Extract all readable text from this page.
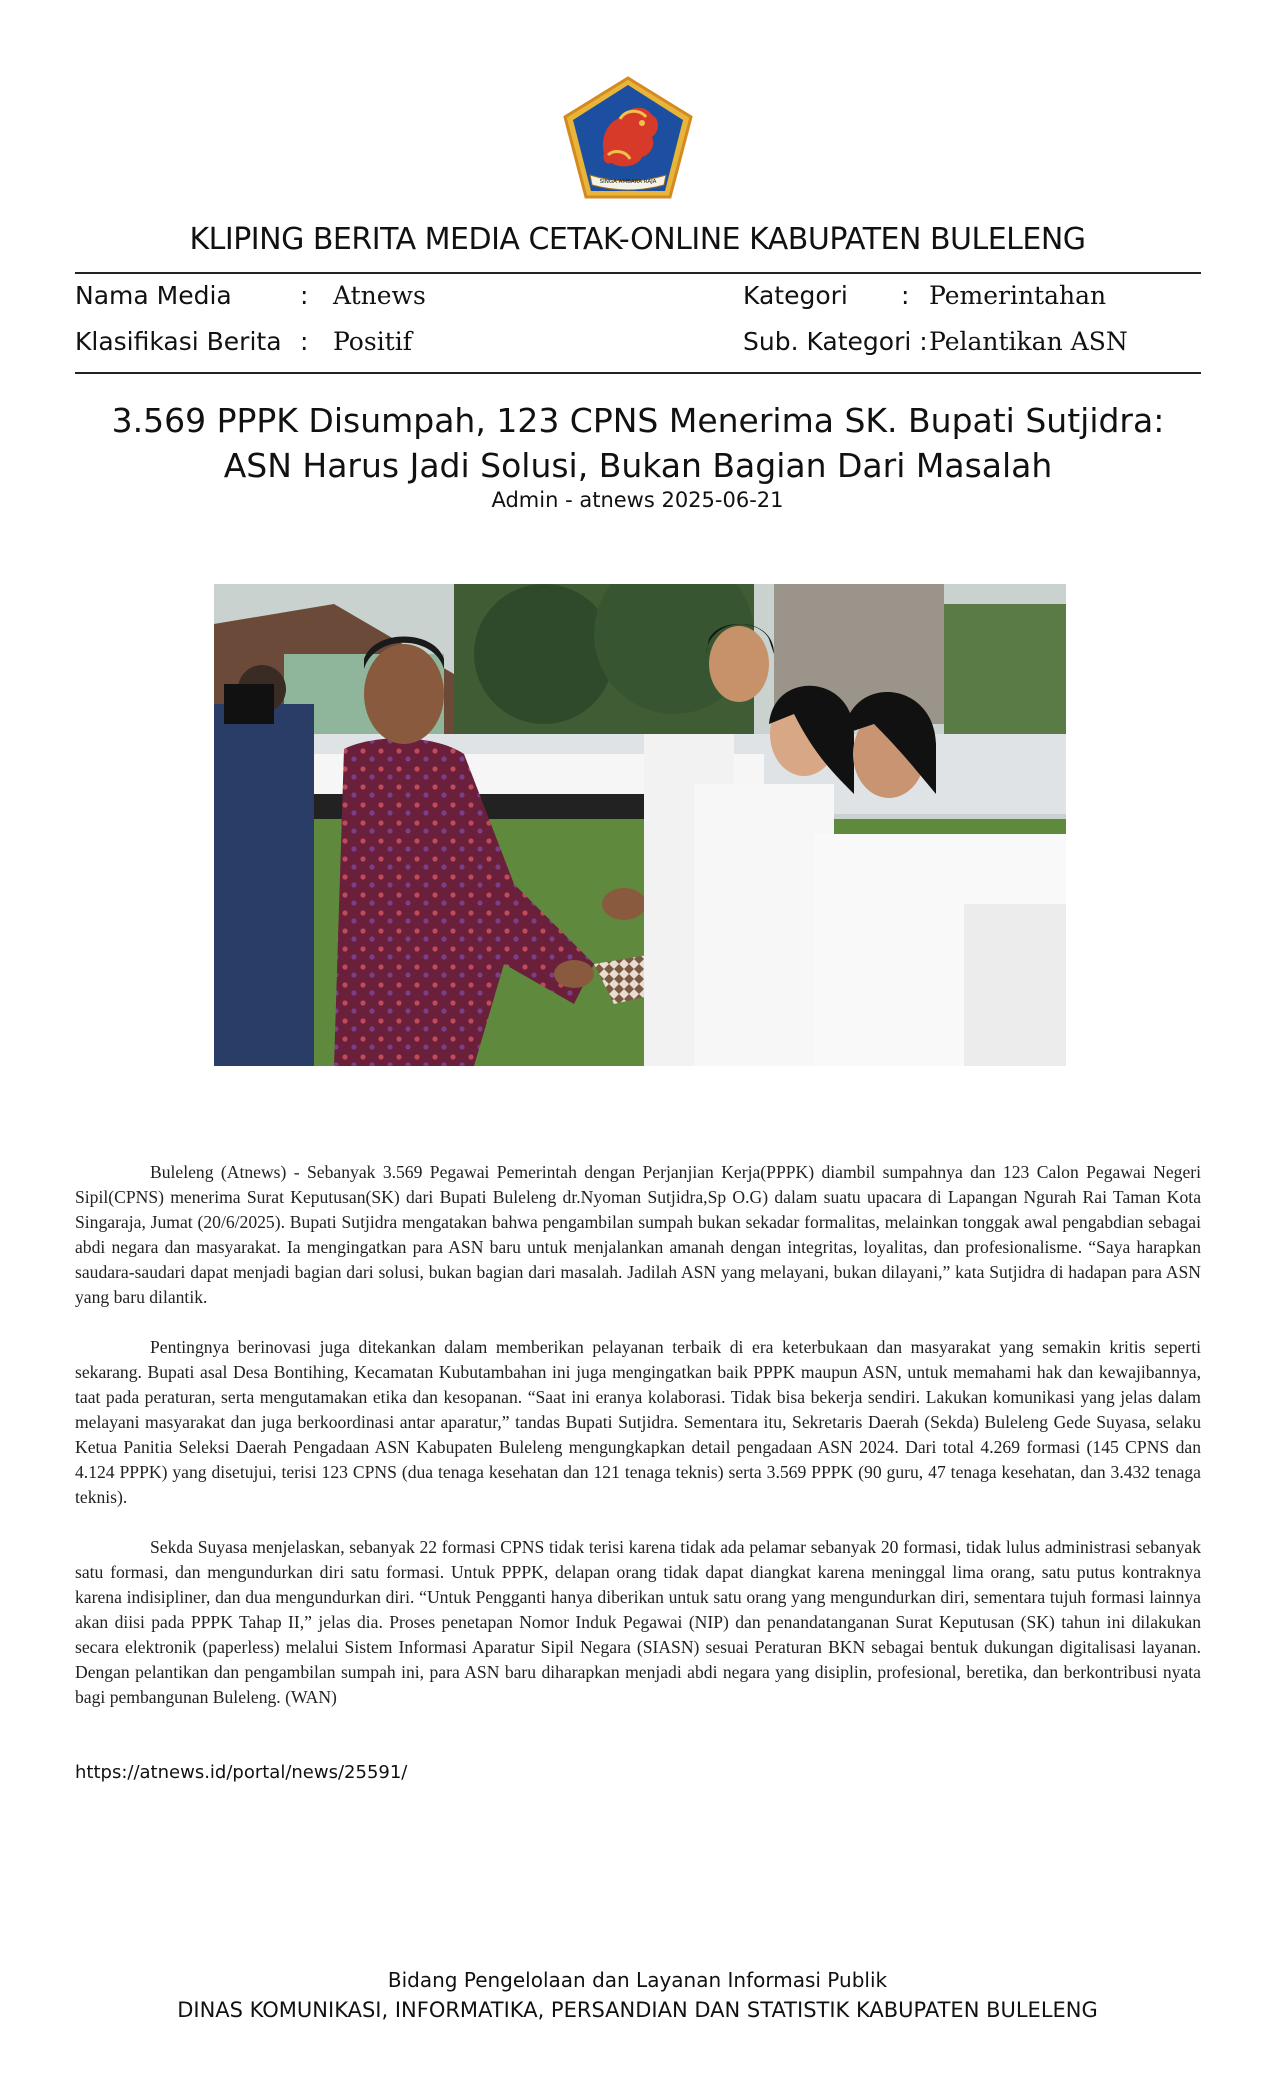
SINGA AMBARA RAJA
KLIPING BERITA MEDIA CETAK-ONLINE KABUPATEN BULELENG
Nama Media	: Atnews	Kategori : Pemerintahan
Klasifikasi Berita : Positif	Sub. Kategori : Pelantikan ASN
3.569 PPPK Disumpah, 123 CPNS Menerima SK. Bupati Sutjidra: ASN Harus Jadi Solusi, Bukan Bagian Dari Masalah
Admin - atnews 2025-06-21

Buleleng (Atnews) - Sebanyak 3.569 Pegawai Pemerintah dengan Perjanjian Kerja(PPPK) diambil sumpahnya dan 123 Calon Pegawai Negeri Sipil(CPNS) menerima Surat Keputusan(SK) dari Bupati Buleleng dr.Nyoman Sutjidra,Sp O.G) dalam suatu upacara di Lapangan Ngurah Rai Taman Kota Singaraja, Jumat (20/6/2025). Bupati Sutjidra mengatakan bahwa pengambilan sumpah bukan sekadar formalitas, melainkan tonggak awal pengabdian sebagai abdi negara dan masyarakat. Ia mengingatkan para ASN baru untuk menjalankan amanah dengan integritas, loyalitas, dan profesionalisme. “Saya harapkan saudara-saudari dapat menjadi bagian dari solusi, bukan bagian dari masalah. Jadilah ASN yang melayani, bukan dilayani,” kata Sutjidra di hadapan para ASN yang baru dilantik.

Pentingnya berinovasi juga ditekankan dalam memberikan pelayanan terbaik di era keterbukaan dan masyarakat yang semakin kritis seperti sekarang. Bupati asal Desa Bontihing, Kecamatan Kubutambahan ini juga mengingatkan baik PPPK maupun ASN, untuk memahami hak dan kewajibannya, taat pada peraturan, serta mengutamakan etika dan kesopanan. “Saat ini eranya kolaborasi. Tidak bisa bekerja sendiri. Lakukan komunikasi yang jelas dalam melayani masyarakat dan juga berkoordinasi antar aparatur,” tandas Bupati Sutjidra. Sementara itu, Sekretaris Daerah (Sekda) Buleleng Gede Suyasa, selaku Ketua Panitia Seleksi Daerah Pengadaan ASN Kabupaten Buleleng mengungkapkan detail pengadaan ASN 2024. Dari total 4.269 formasi (145 CPNS dan 4.124 PPPK) yang disetujui, terisi 123 CPNS (dua tenaga kesehatan dan 121 tenaga teknis) serta 3.569 PPPK (90 guru, 47 tenaga kesehatan, dan 3.432 tenaga teknis).

Sekda Suyasa menjelaskan, sebanyak 22 formasi CPNS tidak terisi karena tidak ada pelamar sebanyak 20 formasi, tidak lulus administrasi sebanyak satu formasi, dan mengundurkan diri satu formasi. Untuk PPPK, delapan orang tidak dapat diangkat karena meninggal lima orang, satu putus kontraknya karena indisipliner, dan dua mengundurkan diri. “Untuk Pengganti hanya diberikan untuk satu orang yang mengundurkan diri, sementara tujuh formasi lainnya akan diisi pada PPPK Tahap II,” jelas dia. Proses penetapan Nomor Induk Pegawai (NIP) dan penandatanganan Surat Keputusan (SK) tahun ini dilakukan secara elektronik (paperless) melalui Sistem Informasi Aparatur Sipil Negara (SIASN) sesuai Peraturan BKN sebagai bentuk dukungan digitalisasi layanan. Dengan pelantikan dan pengambilan sumpah ini, para ASN baru diharapkan menjadi abdi negara yang disiplin, profesional, beretika, dan berkontribusi nyata bagi pembangunan Buleleng. (WAN)

https://atnews.id/portal/news/25591/
Bidang Pengelolaan dan Layanan Informasi Publik
DINAS KOMUNIKASI, INFORMATIKA, PERSANDIAN DAN STATISTIK KABUPATEN BULELENG
